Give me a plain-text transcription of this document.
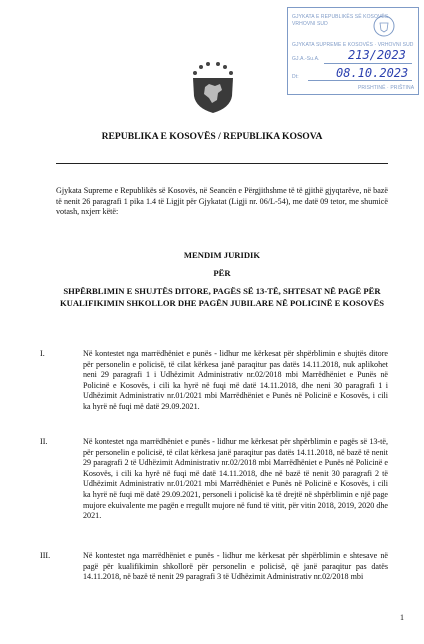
GJYKATA E REPUBLIKËS SË KOSOVËS
VRHOVNI SUD
GJYKATA SUPREME E KOSOVËS · VRHOVNI SUD
GJ.A.-Su.A. 213/2023
Dt:	08.10.2023
PRISHTINË · PRIŠTINA
REPUBLIKA E KOSOVËS / REPUBLIKA KOSOVA
Gjykata Supreme e Republikës së Kosovës, në Seancën e Përgjithshme të të gjithë gjyqtarëve, në bazë të nenit 26 paragrafi 1 pika 1.4 të Ligjit për Gjykatat (Ligji nr. 06/L-54), me datë 09 tetor, me shumicë votash, nxjerr këtë:
MENDIM JURIDIK
PËR
SHPËRBLIMIN E SHUJTËS DITORE, PAGËS SË 13-TË, SHTESAT NË PAGË PËR
KUALIFIKIMIN SHKOLLOR DHE PAGËN JUBILARE NË POLICINË E KOSOVËS
I.	Në kontestet nga marrëdhëniet e punës - lidhur me kërkesat për shpërblimin e shujtës ditore për personelin e policisë, të cilat kërkesa janë paraqitur pas datës 14.11.2018, nuk aplikohet neni 29 paragrafi 1 i Udhëzimit Administrativ nr.02/2018 mbi Marrëdhëniet e Punës në Policinë e Kosovës, i cili ka hyrë në fuqi më datë 14.11.2018, dhe neni 30 paragrafi 1 i Udhëzimit Administrativ nr.01/2021 mbi Marrëdhëniet e Punës në Policinë e Kosovës, i cili ka hyrë në fuqi më datë 29.09.2021.
II.	Në kontestet nga marrëdhëniet e punës - lidhur me kërkesat për shpërblimin e pagës së 13-të, për personelin e policisë, të cilat kërkesa janë paraqitur pas datës 14.11.2018, në bazë të nenit 29 paragrafi 2 të Udhëzimit Administrativ nr.02/2018 mbi Marrëdhëniet e Punës në Policinë e Kosovës, i cili ka hyrë në fuqi më datë 14.11.2018, dhe në bazë të nenit 30 paragrafi 2 të Udhëzimit Administrativ nr.01/2021 mbi Marrëdhëniet e Punës në Policinë e Kosovës, i cili ka hyrë në fuqi më datë 29.09.2021, personeli i policisë ka të drejtë në shpërblimin e një page mujore ekuivalente me pagën e rregullt mujore në fund të vitit, për vitin 2018, 2019, 2020 dhe 2021.
III.	Në kontestet nga marrëdhëniet e punës - lidhur me kërkesat për shpërblimin e shtesave në pagë për kualifikimin shkollorë për personelin e policisë, që janë paraqitur pas datës 14.11.2018, në bazë të nenit 29 paragrafi 3 të Udhëzimit Administrativ nr.02/2018 mbi
1
